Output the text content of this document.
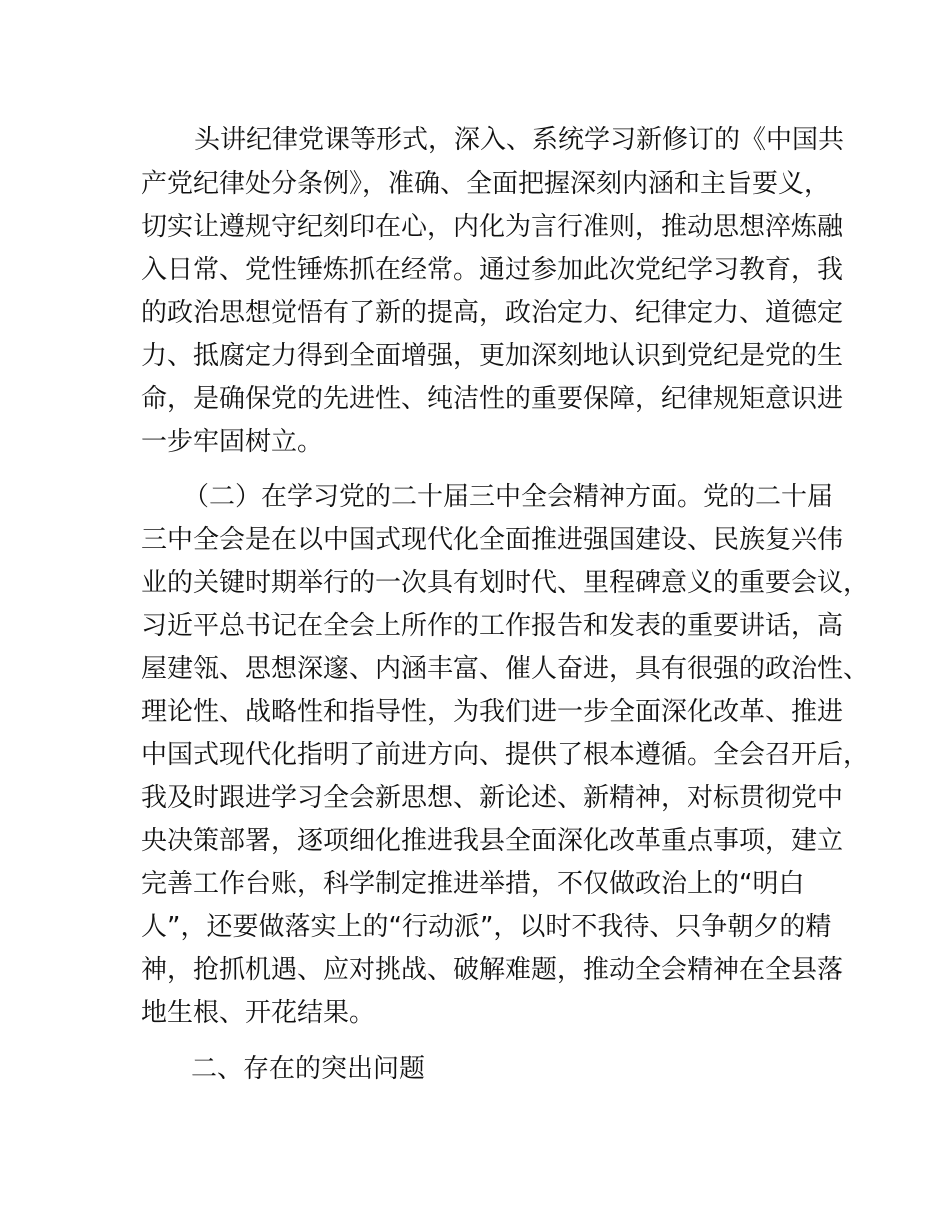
头讲纪律党课等形式，深入、系统学习新修订的《中国共

产党纪律处分条例》，准确、全面把握深刻内涵和主旨要义，

切实让遵规守纪刻印在心，内化为言行准则，推动思想淬炼融

入日常、党性锤炼抓在经常。通过参加此次党纪学习教育，我

的政治思想觉悟有了新的提高，政治定力、纪律定力、道德定

力、抵腐定力得到全面增强，更加深刻地认识到党纪是党的生

命，是确保党的先进性、纯洁性的重要保障，纪律规矩意识进

一步牢固树立。

（二）在学习党的二十届三中全会精神方面。党的二十届

三中全会是在以中国式现代化全面推进强国建设、民族复兴伟

业的关键时期举行的一次具有划时代、里程碑意义的重要会议，

习近平总书记在全会上所作的工作报告和发表的重要讲话，高

屋建瓴、思想深邃、内涵丰富、催人奋进，具有很强的政治性、

理论性、战略性和指导性，为我们进一步全面深化改革、推进

中国式现代化指明了前进方向、提供了根本遵循。全会召开后，

我及时跟进学习全会新思想、新论述、新精神，对标贯彻党中

央决策部署，逐项细化推进我县全面深化改革重点事项，建立

完善工作台账，科学制定推进举措，不仅做政治上的“明白

人”，还要做落实上的“行动派”，以时不我待、只争朝夕的精

神，抢抓机遇、应对挑战、破解难题，推动全会精神在全县落

地生根、开花结果。

二、存在的突出问题
